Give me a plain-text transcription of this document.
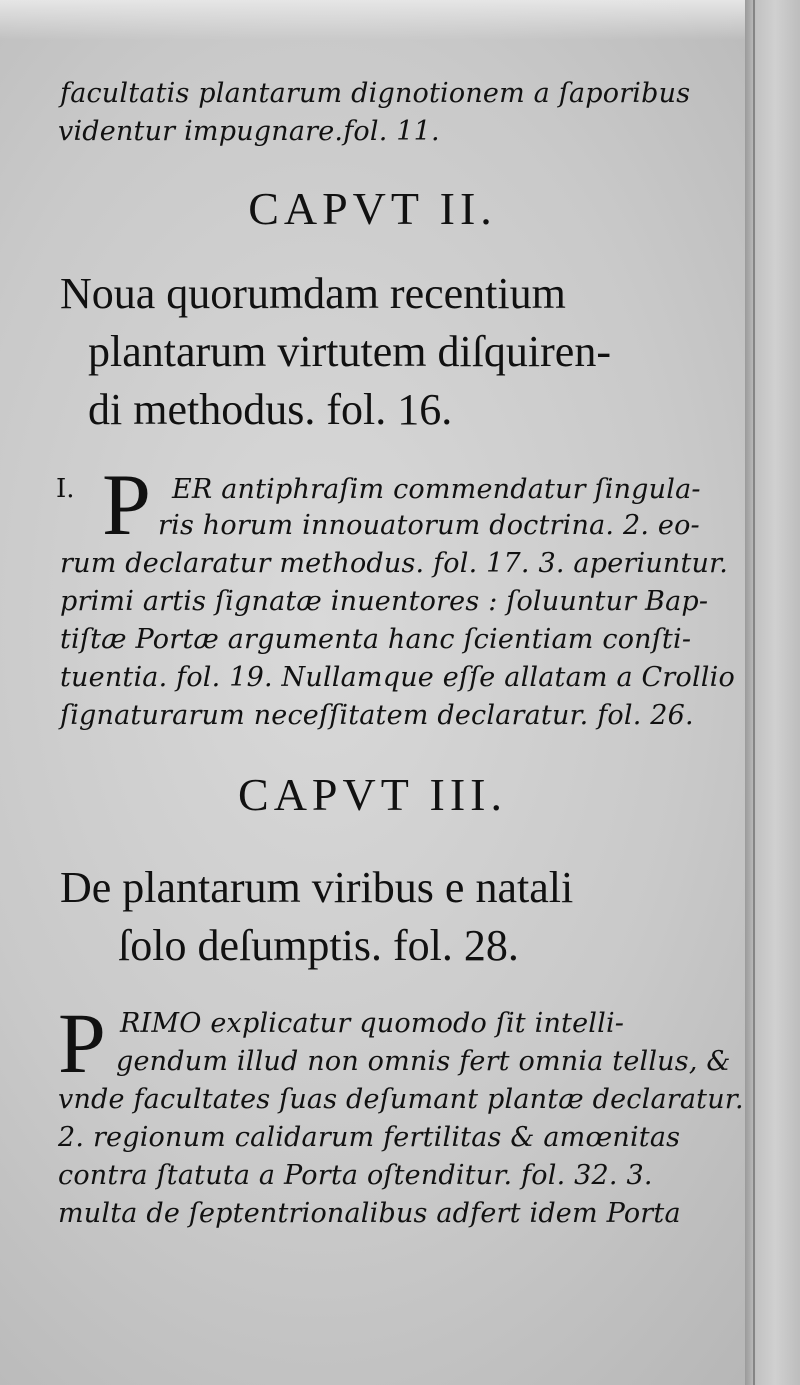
facultatis plantarum dignotionem a ſaporibus
videntur impugnare.fol. 11.
CAPVT II.
Noua quorumdam recentium
plantarum virtutem diſquiren-
di methodus. fol. 16.
I. P ER antiphraſim commendatur ſingula-
ris horum innouatorum doctrina. 2. eo-
rum declaratur methodus. fol. 17. 3. aperiuntur.
primi artis ſignatæ inuentores : ſoluuntur Bap-
tiſtæ Portæ argumenta hanc ſcientiam conſti-
tuentia. fol. 19. Nullamque eſſe allatam a Crollio
ſignaturarum neceſſitatem declaratur. fol. 26.
CAPVT III.
De plantarum viribus e natali
ſolo deſumptis. fol. 28.
P RIMO explicatur quomodo ſit intelli-
gendum illud non omnis fert omnia tellus, &
vnde facultates ſuas deſumant plantæ declaratur.
2. regionum calidarum fertilitas & amœnitas
contra ſtatuta a Porta oſtenditur. fol. 32. 3.
multa de ſeptentrionalibus adfert idem Porta
